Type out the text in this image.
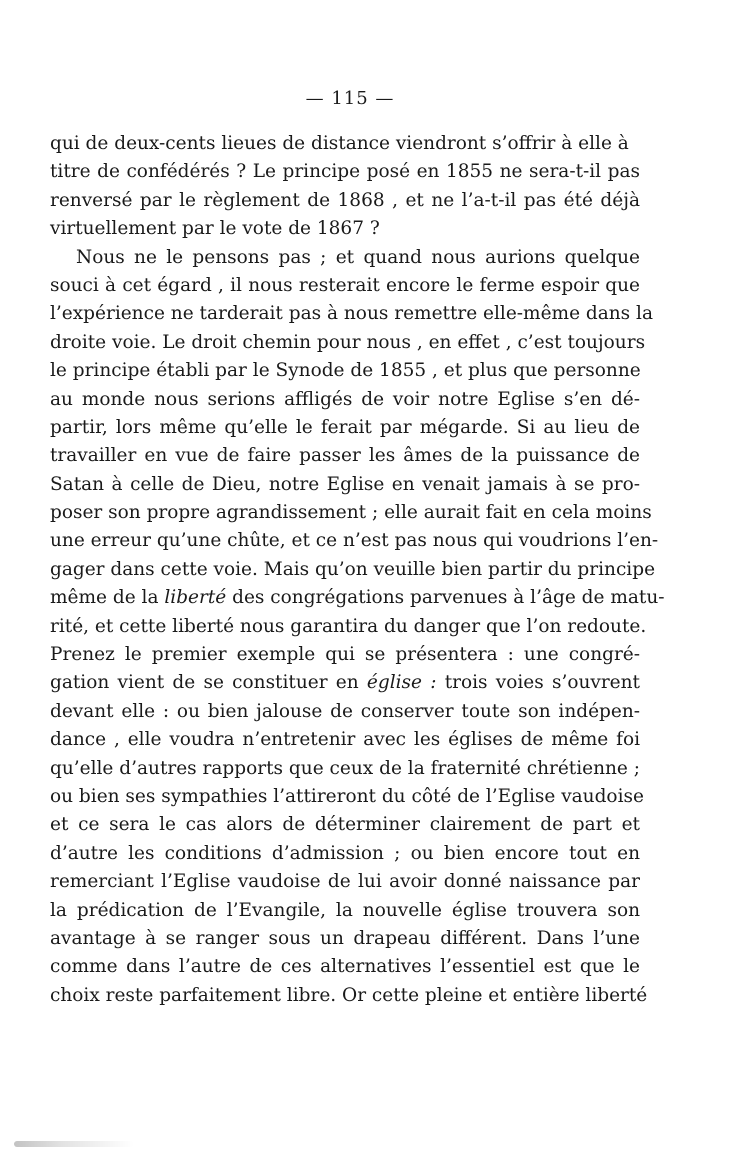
— 115 —
qui de deux-cents lieues de distance viendront s’offrir à elle à
titre de confédérés ? Le principe posé en 1855 ne sera-t-il pas
renversé par le règlement de 1868 , et ne l’a-t-il pas été déjà
virtuellement par le vote de 1867 ?
Nous ne le pensons pas ; et quand nous aurions quelque
souci à cet égard , il nous resterait encore le ferme espoir que
l’expérience ne tarderait pas à nous remettre elle-même dans la
droite voie. Le droit chemin pour nous , en effet , c’est toujours
le principe établi par le Synode de 1855 , et plus que personne
au monde nous serions affligés de voir notre Eglise s’en dé-
partir, lors même qu’elle le ferait par mégarde. Si au lieu de
travailler en vue de faire passer les âmes de la puissance de
Satan à celle de Dieu, notre Eglise en venait jamais à se pro-
poser son propre agrandissement ; elle aurait fait en cela moins
une erreur qu’une chûte, et ce n’est pas nous qui voudrions l’en-
gager dans cette voie. Mais qu’on veuille bien partir du principe
même de la liberté des congrégations parvenues à l’âge de matu-
rité, et cette liberté nous garantira du danger que l’on redoute.
Prenez le premier exemple qui se présentera : une congré-
gation vient de se constituer en église : trois voies s’ouvrent
devant elle : ou bien jalouse de conserver toute son indépen-
dance , elle voudra n’entretenir avec les églises de même foi
qu’elle d’autres rapports que ceux de la fraternité chrétienne ;
ou bien ses sympathies l’attireront du côté de l’Eglise vaudoise
et ce sera le cas alors de déterminer clairement de part et
d’autre les conditions d’admission ; ou bien encore tout en
remerciant l’Eglise vaudoise de lui avoir donné naissance par
la prédication de l’Evangile, la nouvelle église trouvera son
avantage à se ranger sous un drapeau différent. Dans l’une
comme dans l’autre de ces alternatives l’essentiel est que le
choix reste parfaitement libre. Or cette pleine et entière liberté
